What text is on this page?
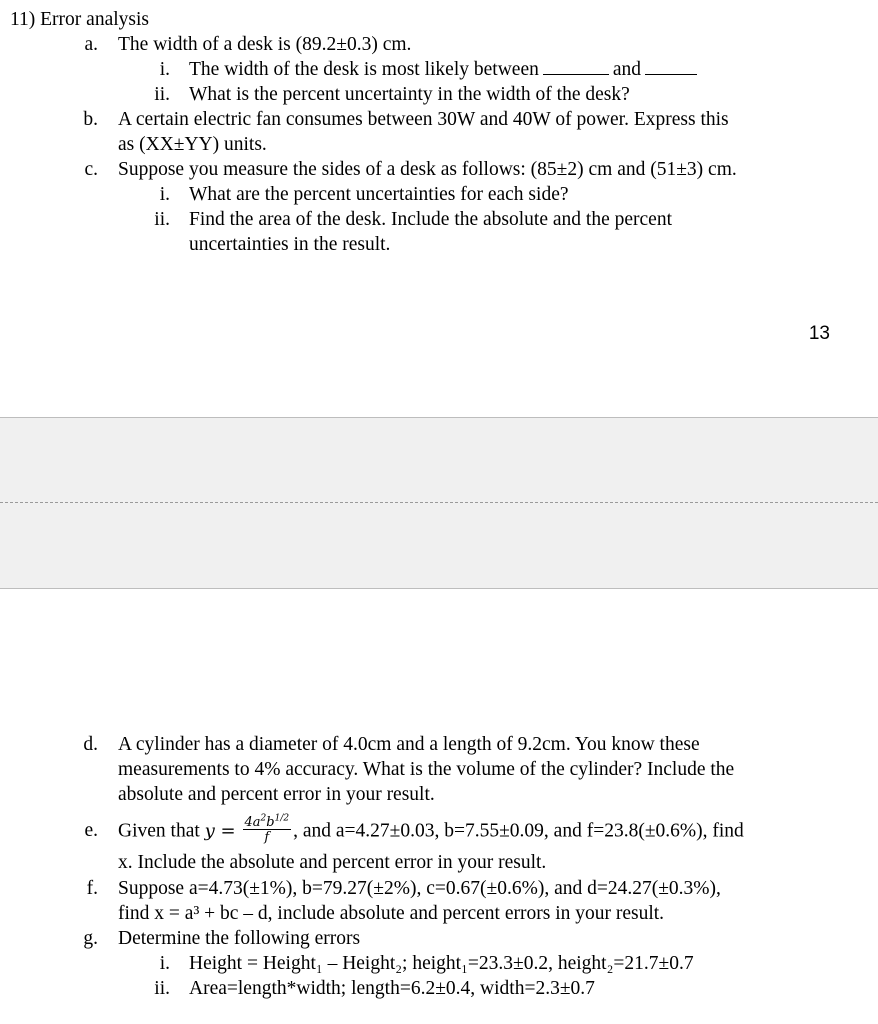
11) Error analysis
a. The width of a desk is (89.2±0.3) cm.
i. The width of the desk is most likely between	and
ii. What is the percent uncertainty in the width of the desk?
b. A certain electric fan consumes between 30W and 40W of power. Express this
as (XX±YY) units.
c. Suppose you measure the sides of a desk as follows: (85±2) cm and (51±3) cm.
i. What are the percent uncertainties for each side?
ii. Find the area of the desk. Include the absolute and the percent
uncertainties in the result.
13
d. A cylinder has a diameter of 4.0cm and a length of 9.2cm. You know these
measurements to 4% accuracy. What is the volume of the cylinder? Include the
absolute and percent error in your result.
e. Given that $y = \frac{4a^2b^{1/2}}{f}$ , and a=4.27±0.03, b=7.55±0.09, and f=23.8(±0.6%), find
x. Include the absolute and percent error in your result.
f. Suppose a=4.73(±1%), b=79.27(±2%), c=0.67(±0.6%), and d=24.27(±0.3%),
find x = a³ + bc – d, include absolute and percent errors in your result.
g. Determine the following errors
i. Height = Height₁ – Height₂; height₁=23.3±0.2, height₂=21.7±0.7
ii. Area=length*width; length=6.2±0.4, width=2.3±0.7
